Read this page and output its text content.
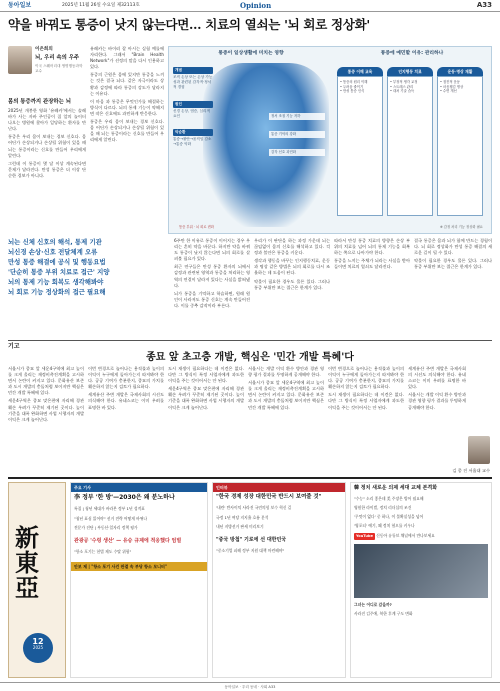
동아일보	2025년 11월 26일 수요일 제32113호	Opinion	A33
약을 바꿔도 통증이 낫지 않는다면… 치료의 열쇠는 '뇌 회로 정상화'
이은희의
뇌, 우리 속의 우주
이국 스웨어리대 생명행동과학 교수
몸의 통증까지 관장하는 뇌

2025년 개봉한 영화 '유레카'에서는 솔레바가 사는 자바 주인공이 집 앞의 놀이터 나오는 병원에 찾아가 일당하는 환자를 만난다.

통증은 우리 몸이 보내는 경보 신호다. 몸 어딘가 손상되거나 손상될 위험이 있을 때 뇌는 통증이라는 신호를 만들어 우리에게 알린다.

그런데 이 통증이 몇 달 이상 계속된다면 문제가 달라진다. 만성 통증은 더 이상 단순한 경보가 아니다.

유레카는 바이러 잘 아시는 실험 예를에 자리한다. 그래서 "Brain Health Network"가 선정의 말을 다시 인용하고 있다.

통증의 근원은 몸에 있지만 통증을 느끼는 것은 결국 뇌다. 같은 자극이라도 상황과 감정에 따라 통증의 강도가 달라지는 이유다.

이 마음 과 통증은 무엇인가를 해결하는 방식이 다르다. 뇌의 통제 기능이 약해지면 작은 신호에도 과민하게 반응한다.

통증은 우리 몸이 보내는 경보 신호다. 몸 어딘가 손상되거나 손상될 위험이 있을 때 뇌는 통증이라는 신호를 만들어 우리에게 알린다.

통증이 일상생활에 미치는 영향
개념
조직 손상 또는 손상 가능성과 관련된 감각적·정서적 경험
원인
신경 손상, 염증, 심리적 요인
악순환
통증→불안→움직임 감소→통증 악화
정서 조절 기능 저하
통증 기억의 강화
감각 신호 과민화
통증 부위 · 뇌 회로 변화
통증에 예민할 이유: 관리하나
통증 이해 교육
• 통증의 원리 이해
• 두려움 줄이기
• 만성 통증 인식
인지행동 치료
• 부정적 생각 교정
• 스트레스 관리
• 대처 기술 습득
운동·명상 재활
• 점진적 운동
• 마음챙김 명상
• 수면 개선
※ 감정 처리 기능 정상화 필요
뇌는 신체 신호의 해석, 통제 기관
뇌신경 손상·신호 전달체계 오류
만성 통증 해결에 공식 및 행동요법
'단순히 통증 부위 치료로 접근' 지양
뇌의 통제 기능 회복도 생각해봐야
뇌 회로 기능 정상화의 접근 필요해

6주만 한 이유로 통증이 이어지는 경우 우리는 흔히 약을 바꾼다. 하지만 약을 바꿔도 통증이 낫지 않는다면 뇌의 회로를 살펴볼 필요가 있다.

최근 연구들은 만성 통증 환자의 뇌에서 감정과 관련된 영역과 통증을 처리하는 영역의 연결이 달라져 있다는 사실을 밝혀냈다.

뇌가 통증을 기억하고 학습하면, 원래 원인이 사라져도 통증 신호는 계속 만들어진다. 이를 중추 감작이라 부른다.

우리가 이 판단을 하는 과정 가운데 뇌는 끊임없이 몸의 신호를 해석하고 있다. 걱정과 불안은 통증을 키운다.

생각과 행동을 바꾸는 인지행동치료, 운동과 명상 같은 방법은 뇌의 회로를 다시 조율하는 데 도움이 된다.

약물이 필요한 경우도 물론 있다. 그러나 통증 부위만 보는 접근은 한계가 있다.

따라서 만성 통증 치료의 방향은 손상 부위의 치료를 넘어 뇌의 통제 기능을 회복하는 쪽으로 나아가야 한다.

통증을 느끼는 주체가 뇌라는 사실을 받아들이면 치료의 열쇠도 달라진다.

결국 통증은 몸과 뇌가 함께 만드는 경험이다. 뇌 회로 정상화가 만성 통증 해결의 새로운 길이 될 수 있다.

약물이 필요한 경우도 물론 있다. 그러나 통증 부위만 보는 접근은 한계가 있다.

기고
종묘 앞 초고층 개발, 핵심은 '민간 개발 특혜'다

서울시가 종묘 앞 세운4구역에 최고 높이를 크게 올리는 재정비촉진계획을 고시하면서 논란이 커지고 있다. 문화유산 보존과 도시 개발의 충돌처럼 보이지만 핵심은 민간 개발 특혜에 있다.

세운4구역은 종묘 맞은편에 자리해 경관 훼손 우려가 꾸준히 제기된 곳이다. 높이 기준을 대폭 완화하면 사업 시행자의 개발 이익은 크게 늘어난다.

이번 변경으로 늘어나는 용적률과 높이의 이익이 누구에게 돌아가는지 따져봐야 한다. 공공 기여가 충분한지, 종묘의 가치를 훼손하지 않는지 검토가 필요하다.

세계유산 주변 개발은 국제사회의 시선도 의식해야 한다. 유네스코는 이미 우려를 표명한 바 있다.

도시 재생이 필요하다는 데 이견은 없다. 다만 그 방식이 특정 사업자에게 과도한 이익을 주는 것이어서는 안 된다.

세운4구역은 종묘 맞은편에 자리해 경관 훼손 우려가 꾸준히 제기된 곳이다. 높이 기준을 대폭 완화하면 사업 시행자의 개발 이익은 크게 늘어난다.

서울시는 개발 이익 환수 방안과 경관 영향 평가 결과를 투명하게 공개해야 한다.

서울시가 종묘 앞 세운4구역에 최고 높이를 크게 올리는 재정비촉진계획을 고시하면서 논란이 커지고 있다. 문화유산 보존과 도시 개발의 충돌처럼 보이지만 핵심은 민간 개발 특혜에 있다.

이번 변경으로 늘어나는 용적률과 높이의 이익이 누구에게 돌아가는지 따져봐야 한다. 공공 기여가 충분한지, 종묘의 가치를 훼손하지 않는지 검토가 필요하다.

도시 재생이 필요하다는 데 이견은 없다. 다만 그 방식이 특정 사업자에게 과도한 이익을 주는 것이어서는 안 된다.

세계유산 주변 개발은 국제사회의 시선도 의식해야 한다. 유네스코는 이미 우려를 표명한 바 있다.

서울시는 개발 이익 환수 방안과 경관 영향 평가 결과를 투명하게 공개해야 한다.

김 종 진 서울대 교수
新
東
亞
12
2025
주요 기사
李 정부 '한 방'—2030은 왜 분노하나
특집 | 청년 세대가 바라본 정부 1년 성적표
"청년 표심 읽어야" 선거 전략 어떻게 바뀌나
전문가 진단 | 부동산·일자리 정책 평가
관광공 '수렁 생산' — 유승 규제에 적응했다 엄벌
"항소 포기는 헌법 제도 수탈 위험"
안보 제 | "항소 포기 사건 판결 속 부당 항소 모니터"
인터뷰
"한국 경제 성장 대한민국 반드시 보여줄 것"
'내란' 반사이익 사라진 국민의힘 보수 혁신 길
국정 1년 여당 지지율 흐름 분석
내년 지방선거 판세 미리보기
"중국 방첩" 기로에 선 대한민국
"중소기업 피해 정부 지원 대책 마련해야"
韓 정치 새로운 의제 세대 교체 본격화
"수능" 소리 좋은데 美 주장은 방어 필요해
영원한 라이벌, 정치 리더십의 조건
'무엇이 없다' 중 하나, 이 불확실성을 넘어
'영포티' 얘기, 왜 정치 혐오를 키우나
YouTube 신동아 유튜브 채널에서 만나보세요
그녀는 어디로 갔을까?
사라진 김주애, 북한 후계 구도 변화
동아일보 · 우리 동네 · 사회 A33
